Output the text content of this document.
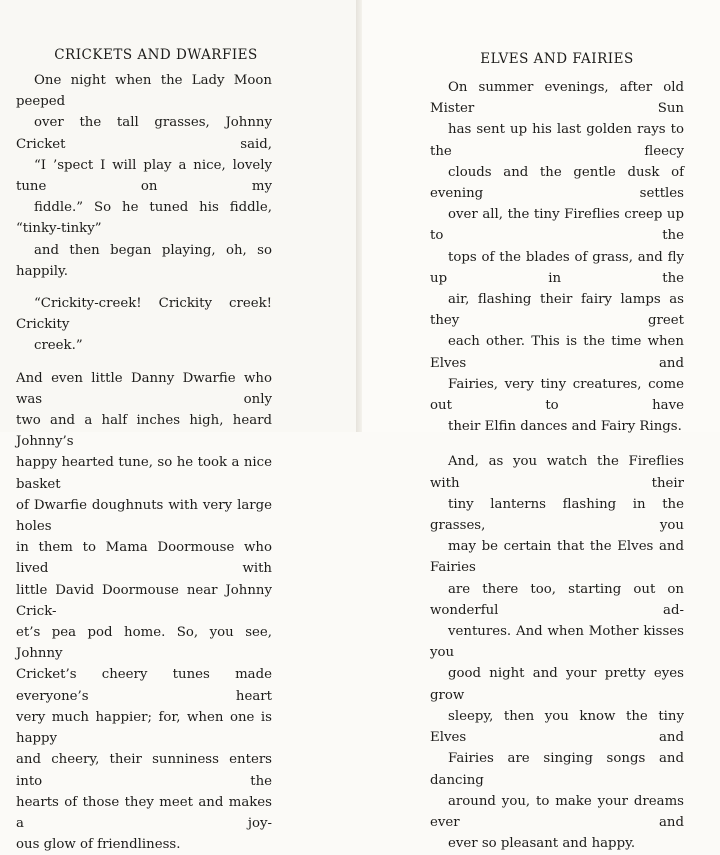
CRICKETS AND DWARFIES

One night when the Lady Moon peeped
over the tall grasses, Johnny Cricket said,
“I ’spect I will play a nice, lovely tune on my
fiddle.” So he tuned his fiddle, “tinky-tinky”
and then began playing, oh, so happily.

“Crickity-creek! Crickity creek! Crickity
creek.”

And even little Danny Dwarfie who was only
two and a half inches high, heard Johnny’s
happy hearted tune, so he took a nice basket
of Dwarfie doughnuts with very large holes
in them to Mama Doormouse who lived with
little David Doormouse near Johnny Crick-
et’s pea pod home. So, you see, Johnny
Cricket’s cheery tunes made everyone’s heart
very much happier; for, when one is happy
and cheery, their sunniness enters into the
hearts of those they meet and makes a joy-
ous glow of friendliness.

ELVES AND FAIRIES

On summer evenings, after old Mister Sun
has sent up his last golden rays to the fleecy
clouds and the gentle dusk of evening settles
over all, the tiny Fireflies creep up to the
tops of the blades of grass, and fly up in the
air, flashing their fairy lamps as they greet
each other. This is the time when Elves and
Fairies, very tiny creatures, come out to have
their Elfin dances and Fairy Rings.

And, as you watch the Fireflies with their
tiny lanterns flashing in the grasses, you
may be certain that the Elves and Fairies
are there too, starting out on wonderful ad-
ventures. And when Mother kisses you
good night and your pretty eyes grow
sleepy, then you know the tiny Elves and
Fairies are singing songs and dancing
around you, to make your dreams ever and
ever so pleasant and happy.
